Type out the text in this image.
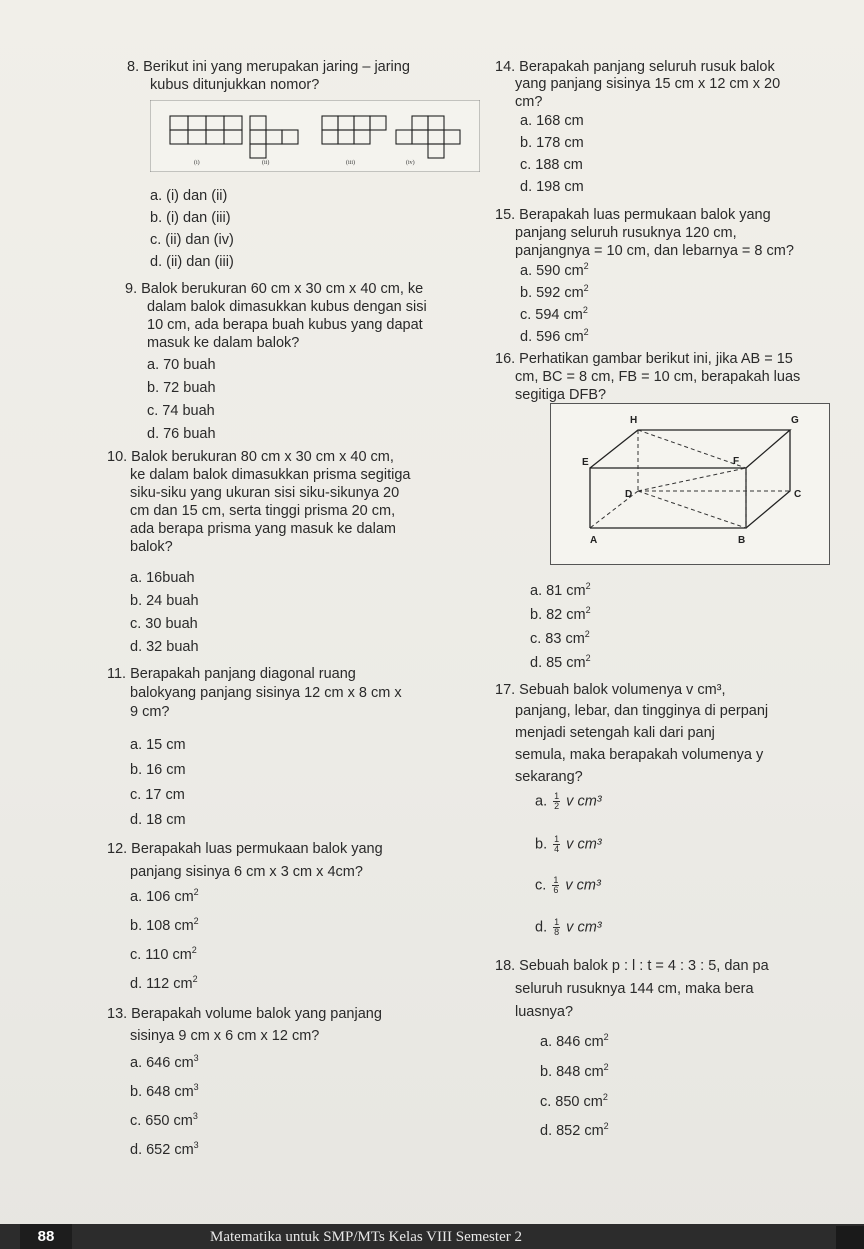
8. Berikut ini yang merupakan jaring – jaring
kubus ditunjukkan nomor?
(i)	(ii)	(iii)	(iv)
a. (i) dan (ii)
b. (i) dan (iii)
c. (ii) dan (iv)
d. (ii) dan (iii)
9. Balok berukuran 60 cm x 30 cm x 40 cm, ke
dalam balok dimasukkan kubus dengan sisi
10 cm, ada berapa buah kubus yang dapat
masuk ke dalam balok?
a. 70 buah
b. 72 buah
c. 74 buah
d. 76 buah
10. Balok berukuran 80 cm x 30 cm x 40 cm,
ke dalam balok dimasukkan prisma segitiga
siku-siku yang ukuran sisi siku-sikunya 20
cm dan 15 cm, serta tinggi prisma 20 cm,
ada berapa prisma yang masuk ke dalam
balok?
a. 16buah
b. 24 buah
c. 30 buah
d. 32 buah
11. Berapakah panjang diagonal ruang
balokyang panjang sisinya 12 cm x 8 cm x
9 cm?
a. 15 cm
b. 16 cm
c. 17 cm
d. 18 cm
12. Berapakah luas permukaan balok yang
panjang sisinya 6 cm x 3 cm x 4cm?
a. 106 $cm^2$
b. 108 $cm^2$
c. 110 $cm^2$
d. 112 $cm^2$
13. Berapakah volume balok yang panjang
sisinya 9 cm x 6 cm x 12 cm?
a. 646 $cm^3$
b. 648 $cm^3$
c. 650 $cm^3$
d. 652 $cm^3$
14. Berapakah panjang seluruh rusuk balok
yang panjang sisinya 15 cm x 12 cm x 20
cm?
a. 168 cm
b. 178 cm
c. 188 cm
d. 198 cm
15. Berapakah luas permukaan balok yang
panjang seluruh rusuknya 120 cm,
panjangnya = 10 cm, dan lebarnya = 8 cm?
a. 590 $cm^2$
b. 592 $cm^2$
c. 594 $cm^2$
d. 596 $cm^2$
16. Perhatikan gambar berikut ini, jika AB = 15
cm, BC = 8 cm, FB = 10 cm, berapakah luas
segitiga DFB?
H	G
E	F
D	C
A	B
a. 81 $cm^2$
b. 82 $cm^2$
c. 83 $cm^2$
d. 85 $cm^2$
17. Sebuah balok volumenya v cm³,
panjang, lebar, dan tingginya di perpanj
menjadi setengah kali dari panj
semula, maka berapakah volumenya y
sekarang?
a. $\frac{1}{2}$ v cm³
b. $\frac{1}{4}$ v cm³
c. $\frac{1}{6}$ v cm³
d. $\frac{1}{8}$ v cm³
18. Sebuah balok p : l : t = 4 : 3 : 5, dan pa
seluruh rusuknya 144 cm, maka bera
luasnya?
a. 846 $cm^2$
b. 848 $cm^2$
c. 850 $cm^2$
d. 852 $cm^2$
88	Matematika untuk SMP/MTs Kelas VIII Semester 2
